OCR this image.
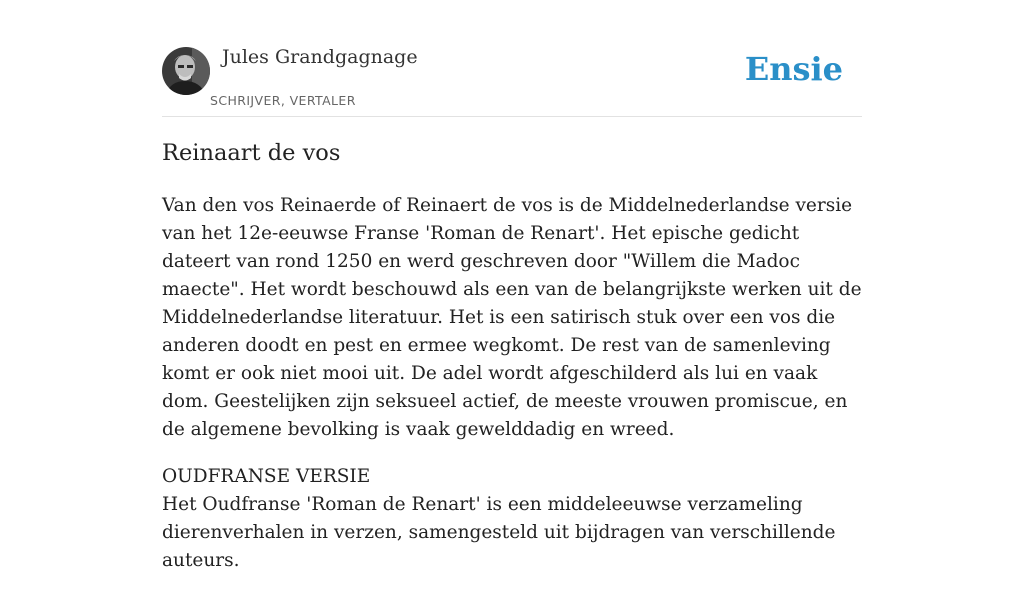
Jules Grandgagnage
SCHRIJVER, VERTALER
Ensie
Reinaart de vos

Van den vos Reinaerde of Reinaert de vos is de Middelnederlandse versie van het 12e-eeuwse Franse 'Roman de Renart'. Het epische gedicht dateert van rond 1250 en werd geschreven door "Willem die Madoc maecte". Het wordt beschouwd als een van de belangrijkste werken uit de Middelnederlandse literatuur. Het is een satirisch stuk over een vos die anderen doodt en pest en ermee wegkomt. De rest van de samenleving komt er ook niet mooi uit. De adel wordt afgeschilderd als lui en vaak dom. Geestelijken zijn seksueel actief, de meeste vrouwen promiscue, en de algemene bevolking is vaak gewelddadig en wreed.

OUDFRANSE VERSIE
Het Oudfranse 'Roman de Renart' is een middeleeuwse verzameling dierenverhalen in verzen, samengesteld uit bijdragen van verschillende auteurs.
